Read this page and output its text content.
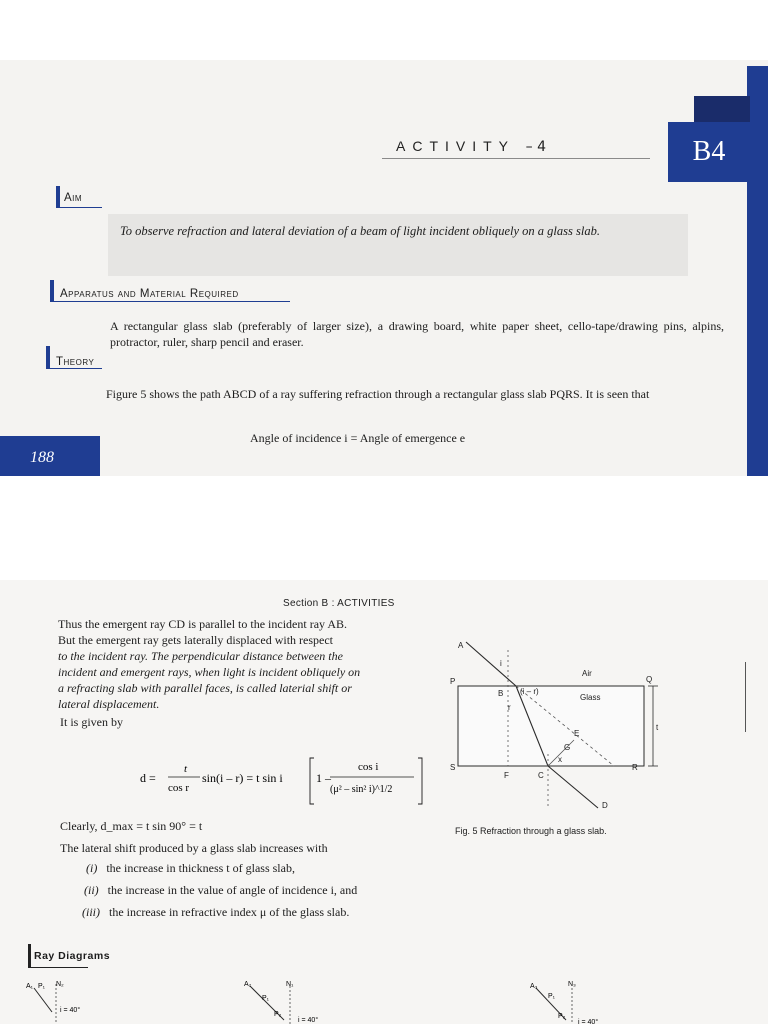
B4
ACTIVITY – 4
Aim
To observe refraction and lateral deviation of a beam of light incident obliquely on a glass slab.
Apparatus and Material Required
A rectangular glass slab (preferably of larger size), a drawing board, white paper sheet, cello-tape/drawing pins, alpins, protractor, ruler, sharp pencil and eraser.
Theory
Figure 5 shows the path ABCD of a ray suffering refraction through a rectangular glass slab PQRS. It is seen that
Angle of incidence i = Angle of emergence e
188
Section B : ACTIVITIES
Thus the emergent ray CD is parallel to the incident ray AB.
But the emergent ray gets laterally displaced with respect
to the incident ray. The perpendicular distance between the
incident and emergent rays, when light is incident obliquely on
a refracting slab with parallel faces, is called laterial shift or
lateral displacement.
It is given by
d =
t
cos r
sin(i – r) = t sin i	1 –
cos i
(μ² – sin² i)^1/2
Clearly, d_max = t sin 90° = t
The lateral shift produced by a glass slab increases with
(i) the increase in thickness t of glass slab,
(ii) the increase in the value of angle of incidence i, and
(iii) the increase in refractive index μ of the glass slab.
Ray Diagrams
A
P	Q
S	R
B
C
D
E
F
G
Air
Glass
(i – r)
i
r
x
t
Fig. 5 Refraction through a glass slab.
A₁ P₁ N₂
i = 40°
A₂
P₁
N₁
P₂
i = 40°
A₃
P₁
N₃
P₂
i = 40°
